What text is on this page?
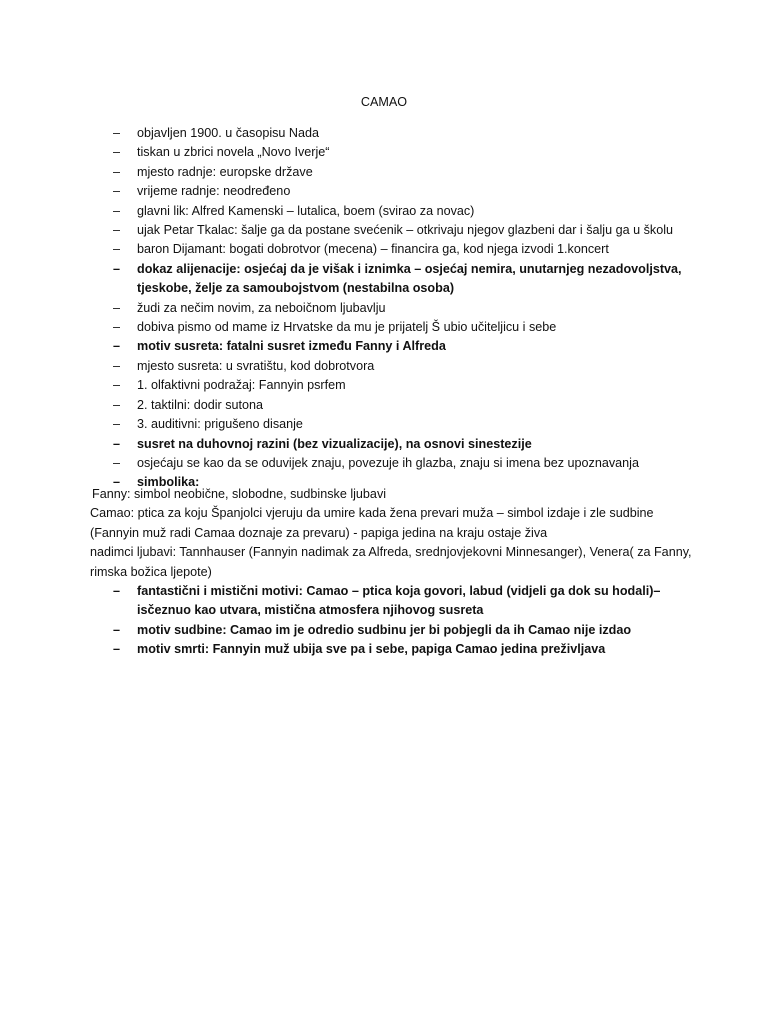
CAMAO
– objavljen 1900. u časopisu Nada
– tiskan u zbrici novela „Novo Iverje“
– mjesto radnje: europske države
– vrijeme radnje: neodređeno
– glavni lik: Alfred Kamenski – lutalica, boem (svirao za novac)
– ujak Petar Tkalac: šalje ga da postane svećenik – otkrivaju njegov glazbeni dar i šalju ga u školu
– baron Dijamant: bogati dobrotvor (mecena) – financira ga, kod njega izvodi 1.koncert
– dokaz alijenacije: osjećaj da je višak i iznimka – osjećaj nemira, unutarnjeg nezadovoljstva, tjeskobe, želje za samoubojstvom (nestabilna osoba)
– žudi za nečim novim, za neboičnom ljubavlju
– dobiva pismo od mame iz Hrvatske da mu je prijatelj Š ubio učiteljicu i sebe
– motiv susreta: fatalni susret između Fanny i Alfreda
– mjesto susreta: u svratištu, kod dobrotvora
– 1. olfaktivni podražaj: Fannyin psrfem
– 2. taktilni: dodir sutona
– 3. auditivni: prigušeno disanje
– susret na duhovnoj razini (bez vizualizacije), na osnovi sinestezije
– osjećaju se kao da se oduvijek znaju, povezuje ih glazba, znaju si imena bez upoznavanja
– simbolika:
Fanny: simbol neobične, slobodne, sudbinske ljubavi
Camao: ptica za koju Španjolci vjeruju da umire kada žena prevari muža – simbol izdaje i zle sudbine
(Fannyin muž radi Camaa doznaje za prevaru) - papiga jedina na kraju ostaje živa
nadimci ljubavi: Tannhauser (Fannyin nadimak za Alfreda, srednjovjekovni Minnesanger), Venera( za Fanny, rimska božica ljepote)
– fantastični i mistični motivi: Camao – ptica koja govori, labud (vidjeli ga dok su hodali)– isčeznuo kao utvara, mistična atmosfera njihovog susreta
– motiv sudbine: Camao im je odredio sudbinu jer bi pobjegli da ih Camao nije izdao
– motiv smrti: Fannyin muž ubija sve pa i sebe, papiga Camao jedina preživljava
